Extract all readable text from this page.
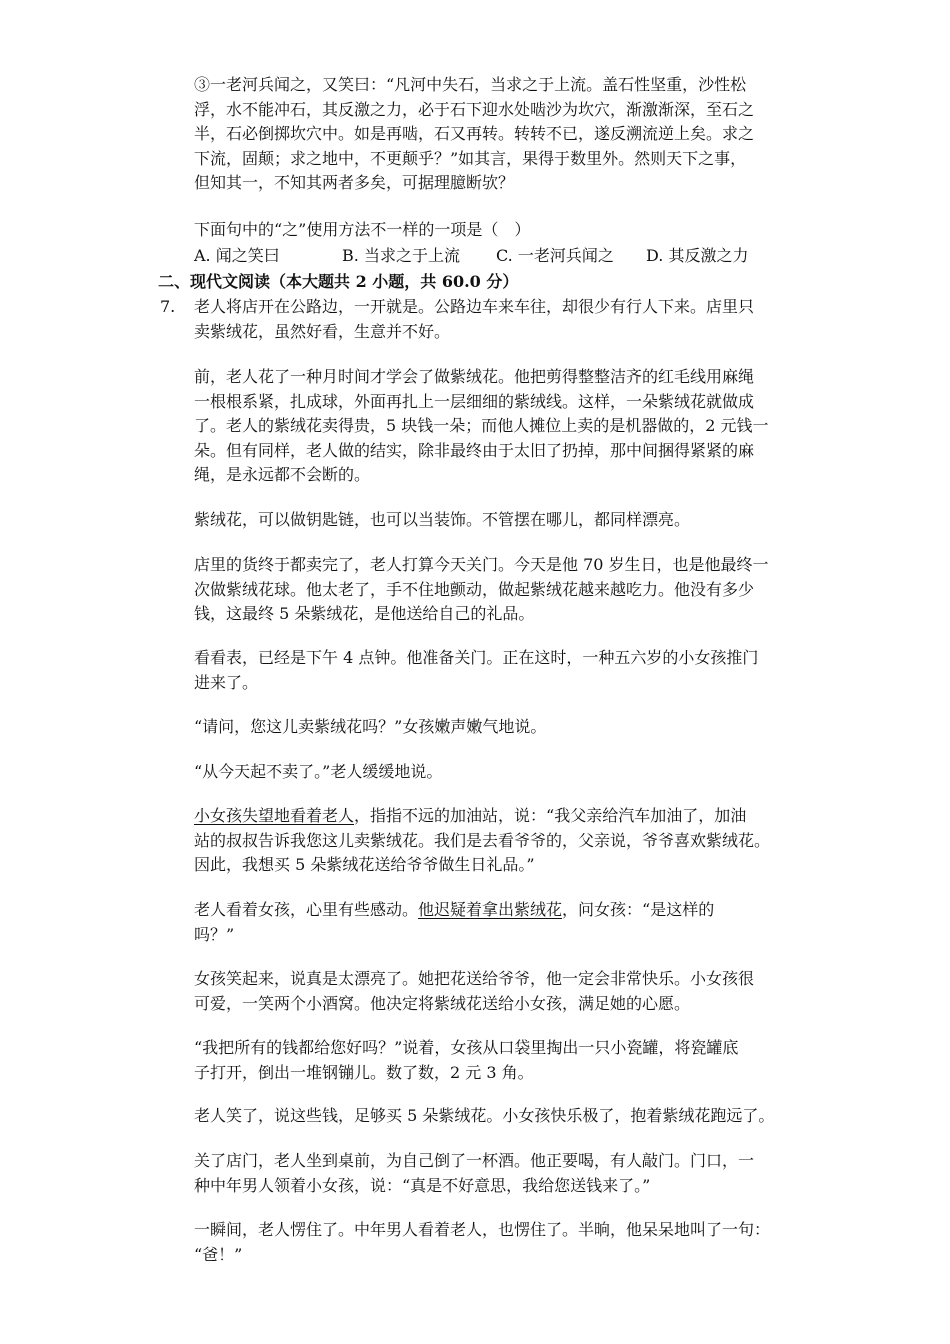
③一老河兵闻之，又笑曰：“凡河中失石，当求之于上流。盖石性坚重，沙性松
浮，水不能冲石，其反激之力，必于石下迎水处啮沙为坎穴，渐激渐深，至石之
半，石必倒掷坎穴中。如是再啮，石又再转。转转不已，遂反溯流逆上矣。求之
下流，固颠；求之地中，不更颠乎？”如其言，果得于数里外。然则天下之事，
但知其一，不知其两者多矣，可据理臆断欤？
下面句中的“之”使用方法不一样的一项是（　）
A. 闻之笑曰	B. 当求之于上流 C. 一老河兵闻之 D. 其反激之力
二、现代文阅读（本大题共 2 小题，共 60.0 分）
7. 老人将店开在公路边，一开就是。公路边车来车往，却很少有行人下来。店里只
卖紫绒花，虽然好看，生意并不好。
前，老人花了一种月时间才学会了做紫绒花。他把剪得整整洁齐的红毛线用麻绳
一根根系紧，扎成球，外面再扎上一层细细的紫绒线。这样，一朵紫绒花就做成
了。老人的紫绒花卖得贵，5 块钱一朵；而他人摊位上卖的是机器做的，2 元钱一
朵。但有同样，老人做的结实，除非最终由于太旧了扔掉，那中间捆得紧紧的麻
绳，是永远都不会断的。
紫绒花，可以做钥匙链，也可以当装饰。不管摆在哪儿，都同样漂亮。
店里的货终于都卖完了，老人打算今天关门。今天是他 70 岁生日，也是他最终一
次做紫绒花球。他太老了，手不住地颤动，做起紫绒花越来越吃力。他没有多少
钱，这最终 5 朵紫绒花，是他送给自己的礼品。
看看表，已经是下午 4 点钟。他准备关门。正在这时，一种五六岁的小女孩推门
进来了。
“请问，您这儿卖紫绒花吗？”女孩嫩声嫩气地说。
“从今天起不卖了。”老人缓缓地说。
小女孩失望地看着老人，指指不远的加油站，说：“我父亲给汽车加油了，加油
站的叔叔告诉我您这儿卖紫绒花。我们是去看爷爷的，父亲说，爷爷喜欢紫绒花。
因此，我想买 5 朵紫绒花送给爷爷做生日礼品。”
老人看着女孩，心里有些感动。他迟疑着拿出紫绒花，问女孩：“是这样的
吗？”
女孩笑起来，说真是太漂亮了。她把花送给爷爷，他一定会非常快乐。小女孩很
可爱，一笑两个小酒窝。他决定将紫绒花送给小女孩，满足她的心愿。
“我把所有的钱都给您好吗？”说着，女孩从口袋里掏出一只小瓷罐，将瓷罐底
子打开，倒出一堆钢镚儿。数了数，2 元 3 角。
老人笑了，说这些钱，足够买 5 朵紫绒花。小女孩快乐极了，抱着紫绒花跑远了。
关了店门，老人坐到桌前，为自己倒了一杯酒。他正要喝，有人敲门。门口，一
种中年男人领着小女孩，说：“真是不好意思，我给您送钱来了。”
一瞬间，老人愣住了。中年男人看着老人，也愣住了。半晌，他呆呆地叫了一句：
“爸！”
